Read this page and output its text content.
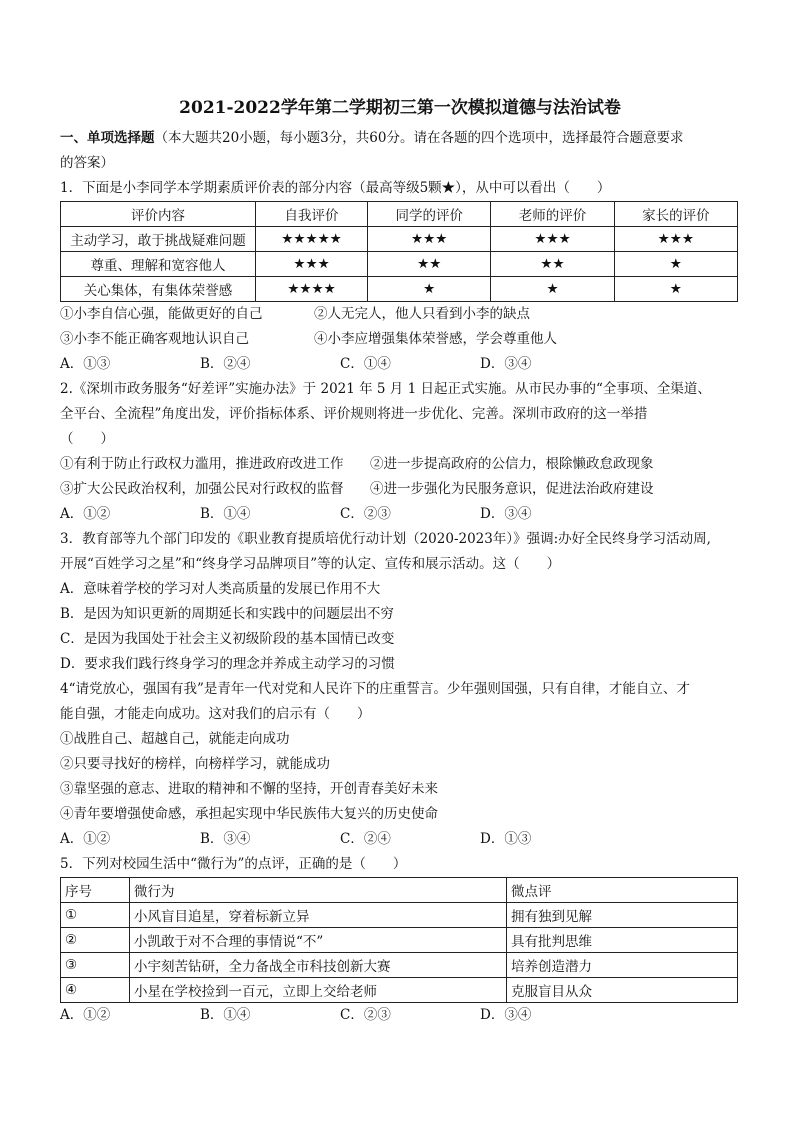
2021-2022学年第二学期初三第一次模拟道德与法治试卷
一、单项选择题（本大题共20小题，每小题3分，共60分。请在各题的四个选项中，选择最符合题意要求
的答案）
1．下面是小李同学本学期素质评价表的部分内容（最高等级5颗★），从中可以看出（　　）
评价内容	自我评价	同学的评价	老师的评价	家长的评价
主动学习，敢于挑战疑难问题	★★★★★	★★★	★★★	★★★
尊重、理解和宽容他人	★★★	★★	★★	★
关心集体，有集体荣誉感	★★★★	★	★	★
①小李自信心强，能做更好的自己	②人无完人，他人只看到小李的缺点
③小李不能正确客观地认识自己	④小李应增强集体荣誉感，学会尊重他人
A．①③	B．②④	C．①④	D．③④
2.《深圳市政务服务“好差评”实施办法》于 2021 年 5 月 1 日起正式实施。从市民办事的“全事项、全渠道、
全平台、全流程”角度出发，评价指标体系、评价规则将进一步优化、完善。深圳市政府的这一举措
（　　）
①有利于防止行政权力滥用，推进政府改进工作	②进一步提高政府的公信力，根除懒政怠政现象
③扩大公民政治权利，加强公民对行政权的监督	④进一步强化为民服务意识，促进法治政府建设
A．①②	B．①④	C．②③	D．③④
3．教育部等九个部门印发的《职业教育提质培优行动计划（2020-2023年）》强调:办好全民终身学习活动周,
开展“百姓学习之星”和“终身学习品牌项目”等的认定、宣传和展示活动。这（　　）
A．意味着学校的学习对人类高质量的发展已作用不大
B．是因为知识更新的周期延长和实践中的问题层出不穷
C．是因为我国处于社会主义初级阶段的基本国情已改变
D．要求我们践行终身学习的理念并养成主动学习的习惯
4“请党放心，强国有我”是青年一代对党和人民许下的庄重誓言。少年强则国强，只有自律，才能自立、才
能自强，才能走向成功。这对我们的启示有（　　）
①战胜自己、超越自己，就能走向成功
②只要寻找好的榜样，向榜样学习，就能成功
③靠坚强的意志、进取的精神和不懈的坚持，开创青春美好未来
④青年要增强使命感，承担起实现中华民族伟大复兴的历史使命
A．①②	B．③④	C．②④	D．①③
5．下列对校园生活中“微行为”的点评，正确的是（　　）
序号	微行为	微点评
①	小风盲目追星，穿着标新立异	拥有独到见解
②	小凯敢于对不合理的事情说“不”	具有批判思维
③	小宇刻苦钻研，全力备战全市科技创新大赛	培养创造潜力
④	小星在学校捡到一百元，立即上交给老师	克服盲目从众
A．①②	B．①④	C．②③	D．③④
